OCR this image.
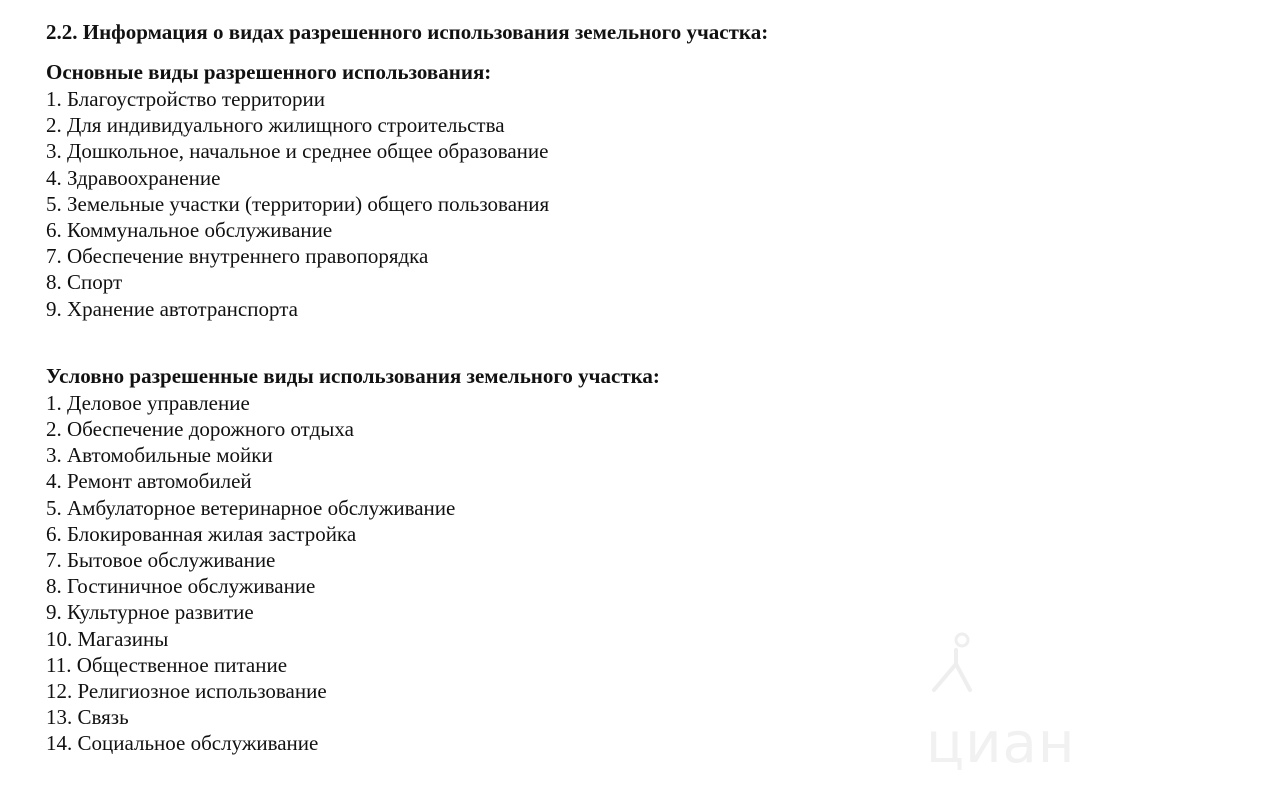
2.2. Информация о видах разрешенного использования земельного участка:
Основные виды разрешенного использования:
1. Благоустройство территории
2. Для индивидуального жилищного строительства
3. Дошкольное, начальное и среднее общее образование
4. Здравоохранение
5. Земельные участки (территории) общего пользования
6. Коммунальное обслуживание
7. Обеспечение внутреннего правопорядка
8. Спорт
9. Хранение автотранспорта
Условно разрешенные виды использования земельного участка:
1. Деловое управление
2. Обеспечение дорожного отдыха
3. Автомобильные мойки
4. Ремонт автомобилей
5. Амбулаторное ветеринарное обслуживание
6. Блокированная жилая застройка
7. Бытовое обслуживание
8. Гостиничное обслуживание
9. Культурное развитие
10. Магазины
11. Общественное питание
12. Религиозное использование
13. Связь
14. Социальное обслуживание	циан
